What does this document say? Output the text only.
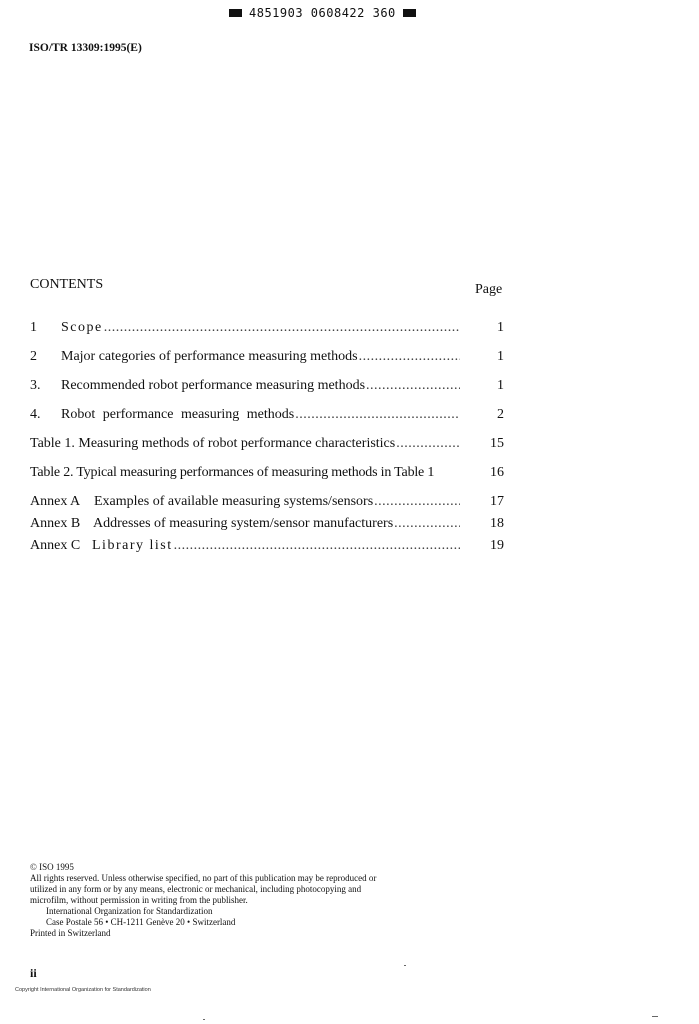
4851903 0608422 360
ISO/TR 13309:1995(E)
CONTENTS	Page
1	Scope .....	1
2	Major categories of performance measuring methods .....	1
3.	Recommended robot performance measuring methods .....	1
4.	Robot performance measuring methods .....	2
Table 1. Measuring methods of robot performance characteristics .....	15
Table 2. Typical measuring performances of measuring methods in Table 1	16
Annex A Examples of available measuring systems/sensors .....	17
Annex B Addresses of measuring system/sensor manufacturers .....	18
Annex C Library list .....	19

© ISO 1995

All rights reserved. Unless otherwise specified, no part of this publication may be reproduced or

utilized in any form or by any means, electronic or mechanical, including photocopying and

microfilm, without permission in writing from the publisher.

International Organization for Standardization

Case Postale 56 • CH-1211 Genève 20 • Switzerland

Printed in Switzerland

ii
Copyright International Organization for Standardization
